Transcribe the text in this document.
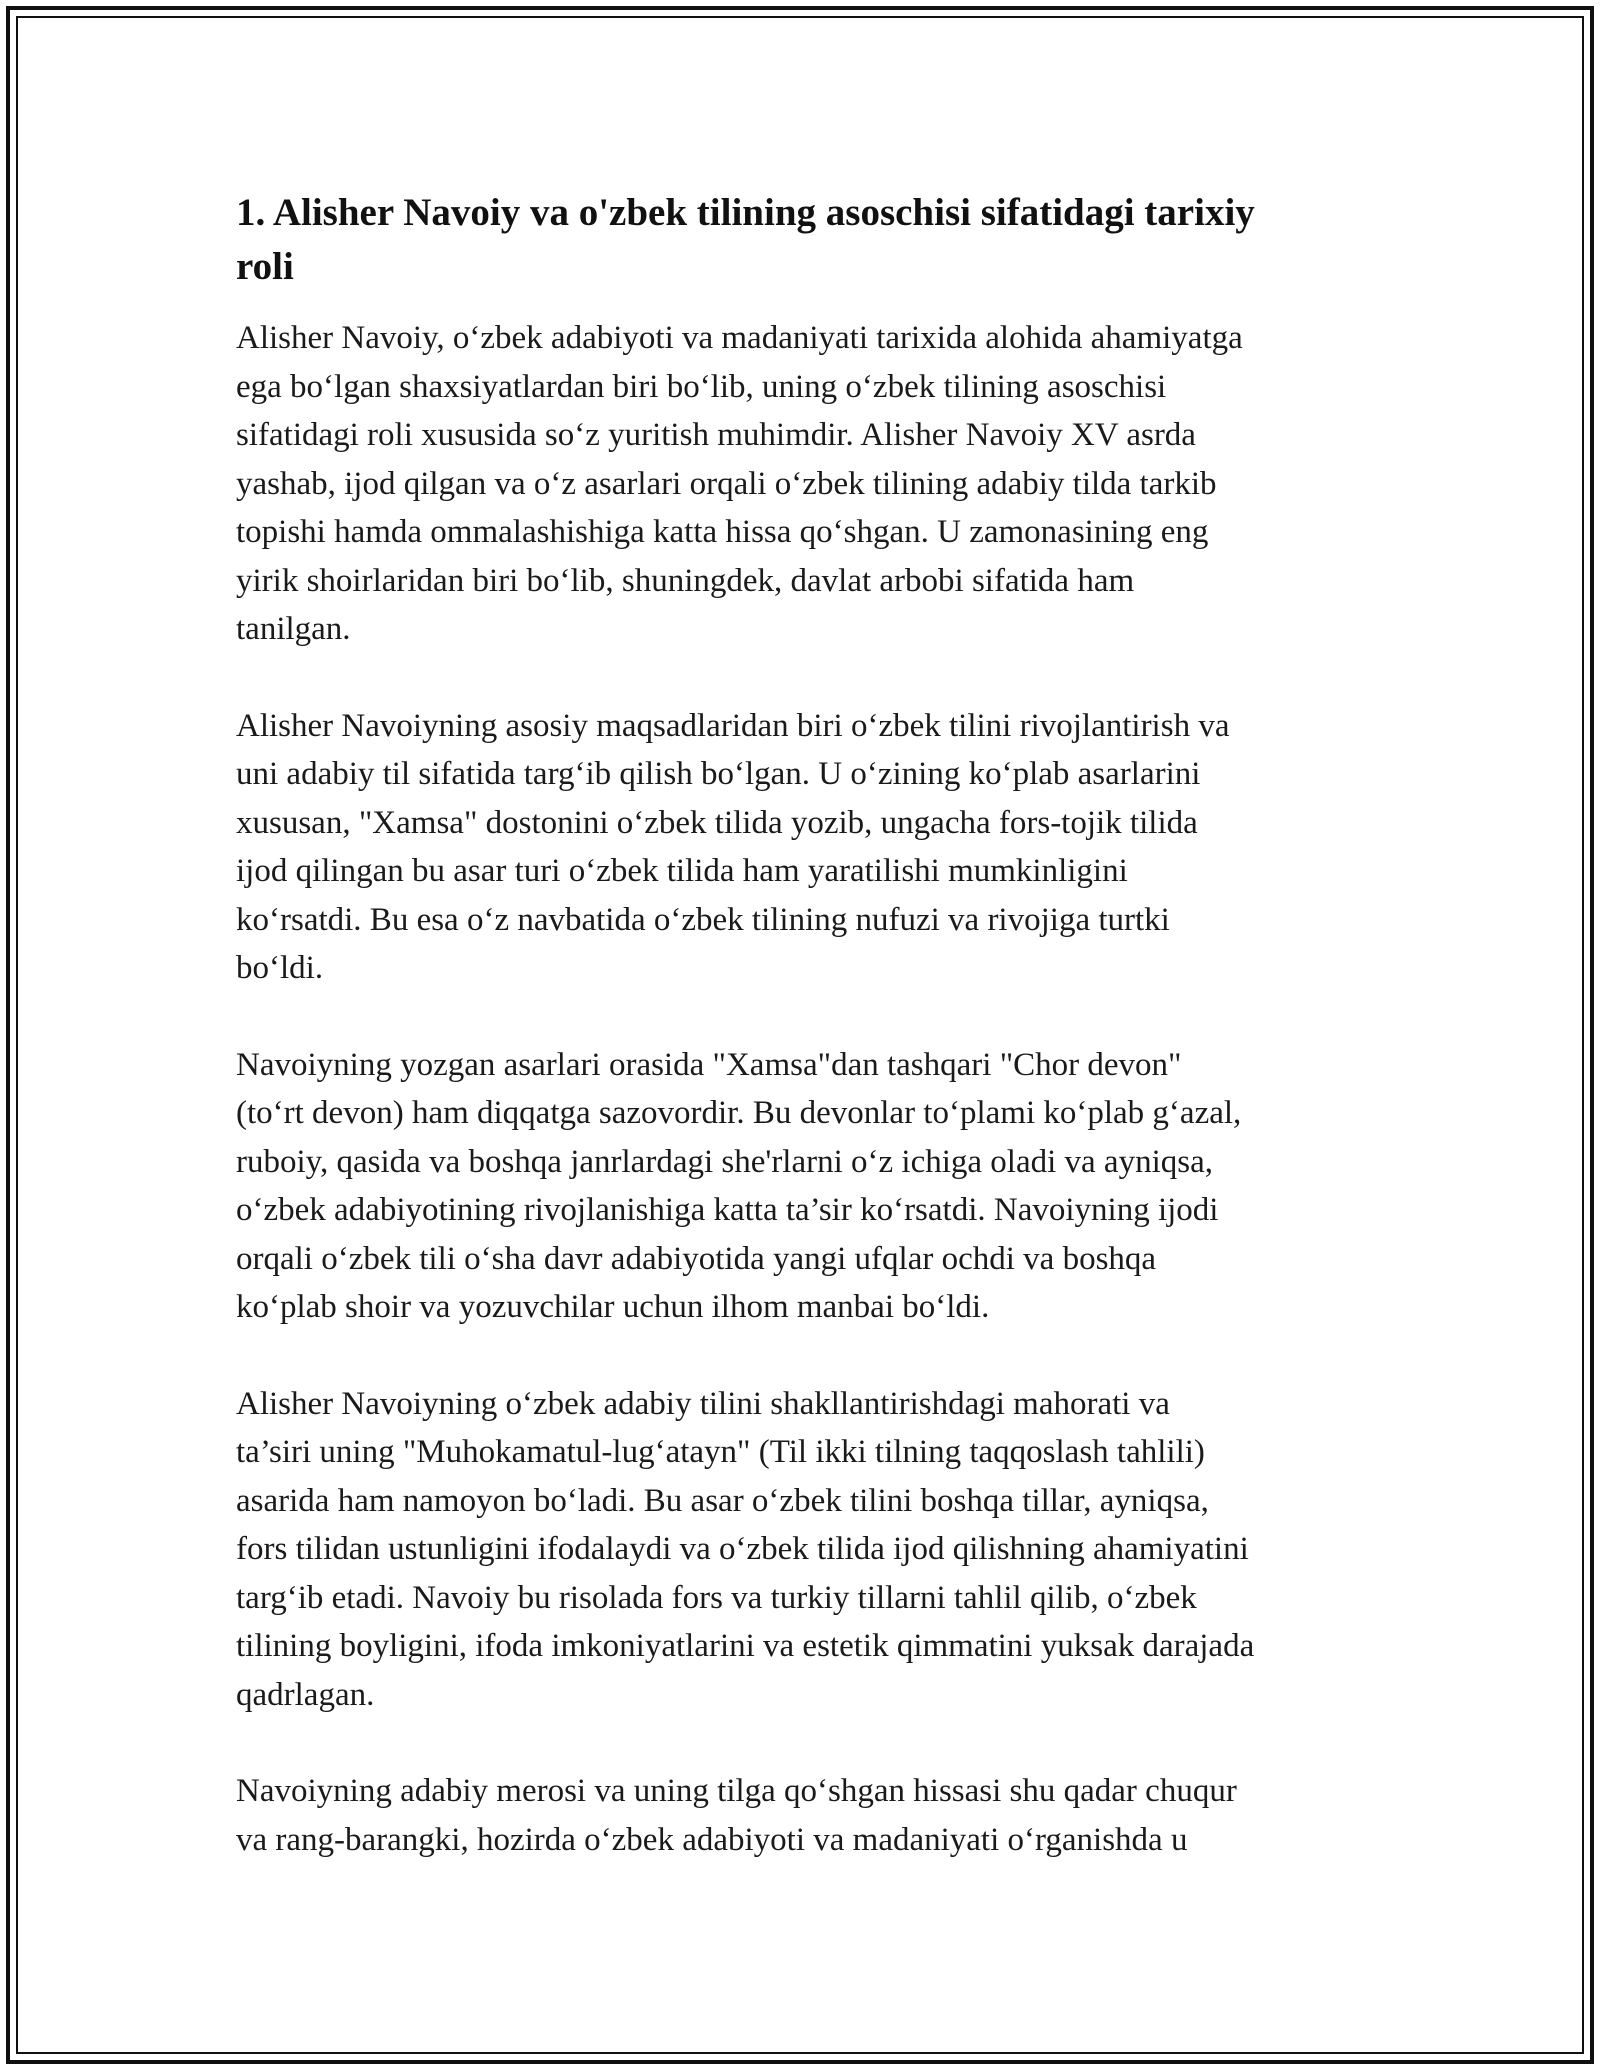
1. Alisher Navoiy va o'zbek tilining asoschisi sifatidagi tarixiy
roli
Alisher Navoiy, o‘zbek adabiyoti va madaniyati tarixida alohida ahamiyatga
ega bo‘lgan shaxsiyatlardan biri bo‘lib, uning o‘zbek tilining asoschisi
sifatidagi roli xususida so‘z yuritish muhimdir. Alisher Navoiy XV asrda
yashab, ijod qilgan va o‘z asarlari orqali o‘zbek tilining adabiy tilda tarkib
topishi hamda ommalashishiga katta hissa qo‘shgan. U zamonasining eng
yirik shoirlaridan biri bo‘lib, shuningdek, davlat arbobi sifatida ham
tanilgan.
Alisher Navoiyning asosiy maqsadlaridan biri o‘zbek tilini rivojlantirish va
uni adabiy til sifatida targ‘ib qilish bo‘lgan. U o‘zining ko‘plab asarlarini
xususan, "Xamsa" dostonini o‘zbek tilida yozib, ungacha fors-tojik tilida
ijod qilingan bu asar turi o‘zbek tilida ham yaratilishi mumkinligini
ko‘rsatdi. Bu esa o‘z navbatida o‘zbek tilining nufuzi va rivojiga turtki
bo‘ldi.
Navoiyning yozgan asarlari orasida "Xamsa"dan tashqari "Chor devon"
(to‘rt devon) ham diqqatga sazovordir. Bu devonlar to‘plami ko‘plab g‘azal,
ruboiy, qasida va boshqa janrlardagi she'rlarni o‘z ichiga oladi va ayniqsa,
o‘zbek adabiyotining rivojlanishiga katta ta’sir ko‘rsatdi. Navoiyning ijodi
orqali o‘zbek tili o‘sha davr adabiyotida yangi ufqlar ochdi va boshqa
ko‘plab shoir va yozuvchilar uchun ilhom manbai bo‘ldi.
Alisher Navoiyning o‘zbek adabiy tilini shakllantirishdagi mahorati va
ta’siri uning "Muhokamatul-lug‘atayn" (Til ikki tilning taqqoslash tahlili)
asarida ham namoyon bo‘ladi. Bu asar o‘zbek tilini boshqa tillar, ayniqsa,
fors tilidan ustunligini ifodalaydi va o‘zbek tilida ijod qilishning ahamiyatini
targ‘ib etadi. Navoiy bu risolada fors va turkiy tillarni tahlil qilib, o‘zbek
tilining boyligini, ifoda imkoniyatlarini va estetik qimmatini yuksak darajada
qadrlagan.
Navoiyning adabiy merosi va uning tilga qo‘shgan hissasi shu qadar chuqur
va rang-barangki, hozirda o‘zbek adabiyoti va madaniyati o‘rganishda u
